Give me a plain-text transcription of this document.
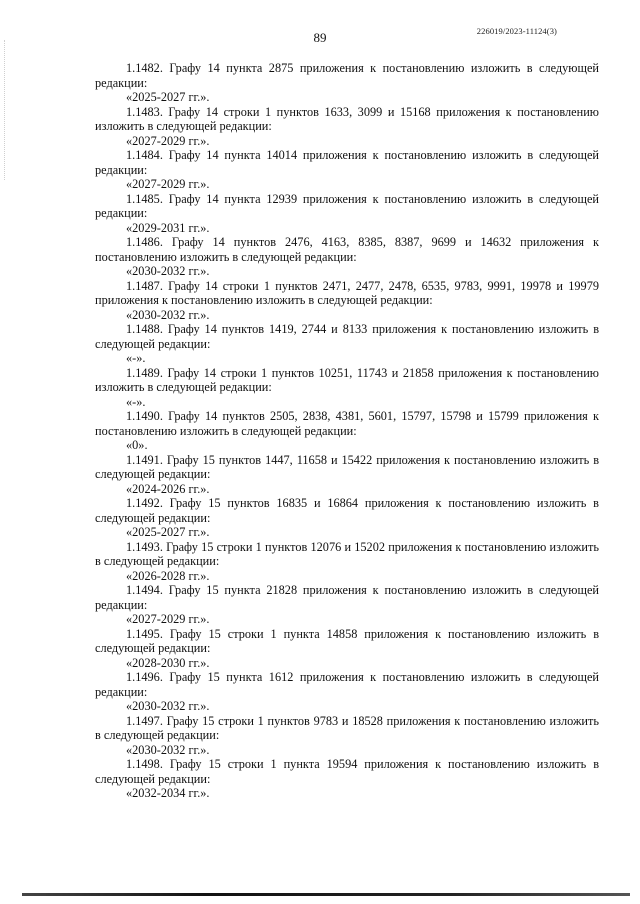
226019/2023-11124(3)
89

1.1482. Графу 14 пункта 2875 приложения к постановлению изложить в следующей редакции:

«2025-2027 гг.».

1.1483. Графу 14 строки 1 пунктов 1633, 3099 и 15168 приложения к постановлению изложить в следующей редакции:

«2027-2029 гг.».

1.1484. Графу 14 пункта 14014 приложения к постановлению изложить в следующей редакции:

«2027-2029 гг.».

1.1485. Графу 14 пункта 12939 приложения к постановлению изложить в следующей редакции:

«2029-2031 гг.».

1.1486. Графу 14 пунктов 2476, 4163, 8385, 8387, 9699 и 14632 приложения к постановлению изложить в следующей редакции:

«2030-2032 гг.».

1.1487. Графу 14 строки 1 пунктов 2471, 2477, 2478, 6535, 9783, 9991, 19978 и 19979 приложения к постановлению изложить в следующей редакции:

«2030-2032 гг.».

1.1488. Графу 14 пунктов 1419, 2744 и 8133 приложения к постановлению изложить в следующей редакции:

«-».

1.1489. Графу 14 строки 1 пунктов 10251, 11743 и 21858 приложения к постановлению изложить в следующей редакции:

«-».

1.1490. Графу 14 пунктов 2505, 2838, 4381, 5601, 15797, 15798 и 15799 приложения к постановлению изложить в следующей редакции:

«0».

1.1491. Графу 15 пунктов 1447, 11658 и 15422 приложения к постановлению изложить в следующей редакции:

«2024-2026 гг.».

1.1492. Графу 15 пунктов 16835 и 16864 приложения к постановлению изложить в следующей редакции:

«2025-2027 гг.».

1.1493. Графу 15 строки 1 пунктов 12076 и 15202 приложения к постановлению изложить в следующей редакции:

«2026-2028 гг.».

1.1494. Графу 15 пункта 21828 приложения к постановлению изложить в следующей редакции:

«2027-2029 гг.».

1.1495. Графу 15 строки 1 пункта 14858 приложения к постановлению изложить в следующей редакции:

«2028-2030 гг.».

1.1496. Графу 15 пункта 1612 приложения к постановлению изложить в следующей редакции:

«2030-2032 гг.».

1.1497. Графу 15 строки 1 пунктов 9783 и 18528 приложения к постановлению изложить в следующей редакции:

«2030-2032 гг.».

1.1498. Графу 15 строки 1 пункта 19594 приложения к постановлению изложить в следующей редакции:

«2032-2034 гг.».
